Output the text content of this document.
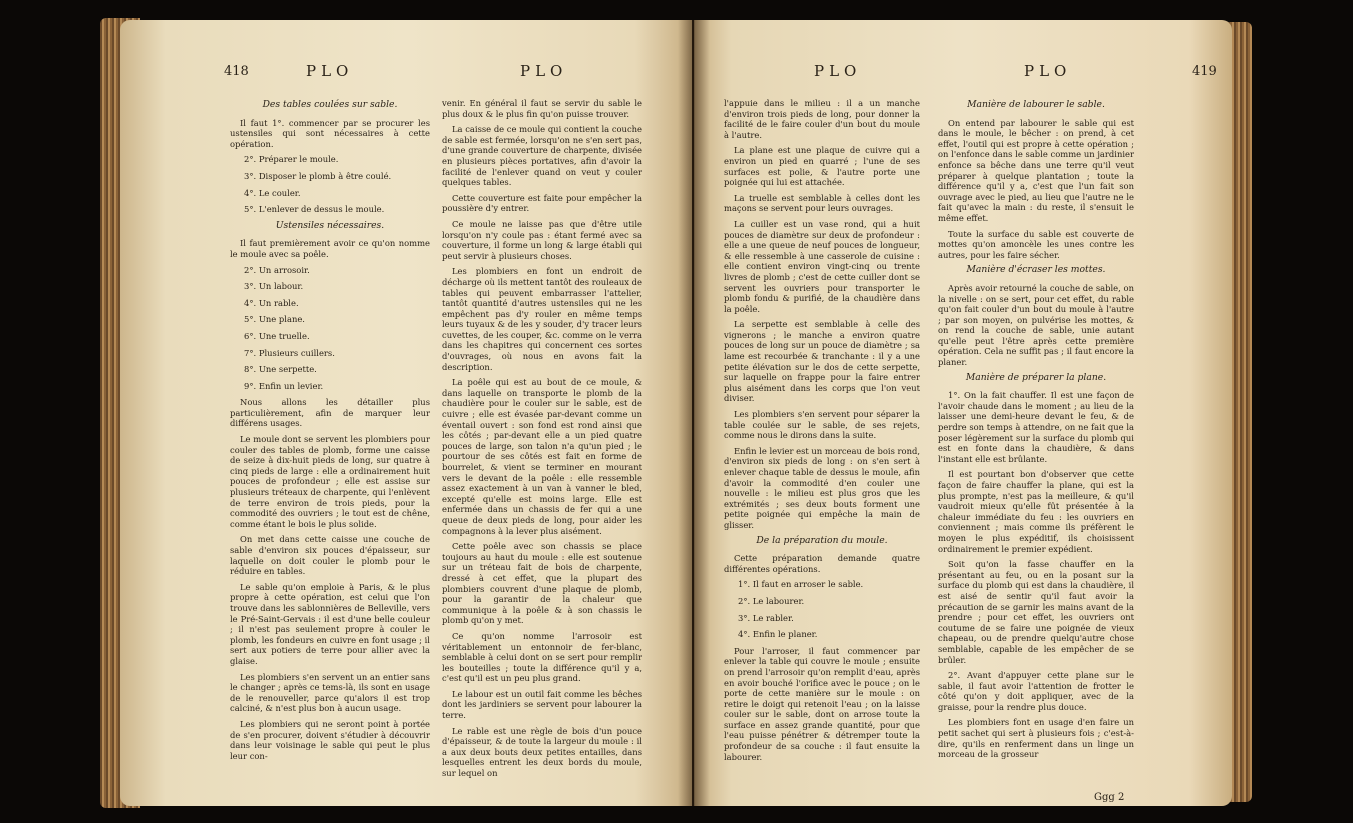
418	PLO	PLO
Des tables coulées sur sable.

Il faut 1°. commencer par se procurer les ustensiles qui sont nécessaires à cette opération.

2°. Préparer le moule.

3°. Disposer le plomb à être coulé.

4°. Le couler.

5°. L'enlever de dessus le moule.

Ustensiles nécessaires.

Il faut premièrement avoir ce qu'on nomme le moule avec sa poêle.

2°. Un arrosoir.

3°. Un labour.

4°. Un rable.

5°. Une plane.

6°. Une truelle.

7°. Plusieurs cuillers.

8°. Une serpette.

9°. Enfin un levier.

Nous allons les détailler plus particulièrement, afin de marquer leur différens usages.

Le moule dont se servent les plombiers pour couler des tables de plomb, forme une caisse de seize à dix-huit pieds de long, sur quatre à cinq pieds de large : elle a ordinairement huit pouces de profondeur ; elle est assise sur plusieurs tréteaux de charpente, qui l'enlèvent de terre environ de trois pieds, pour la commodité des ouvriers ; le tout est de chêne, comme étant le bois le plus solide.

On met dans cette caisse une couche de sable d'environ six pouces d'épaisseur, sur laquelle on doit couler le plomb pour le réduire en tables.

Le sable qu'on emploie à Paris, & le plus propre à cette opération, est celui que l'on trouve dans les sablonnières de Belleville, vers le Pré-Saint-Gervais : il est d'une belle couleur ; il n'est pas seulement propre à couler le plomb, les fondeurs en cuivre en font usage ; il sert aux potiers de terre pour allier avec la glaise.

Les plombiers s'en servent un an entier sans le changer ; après ce tems-là, ils sont en usage de le renouveller, parce qu'alors il est trop calciné, & n'est plus bon à aucun usage.

Les plombiers qui ne seront point à portée de s'en procurer, doivent s'étudier à découvrir dans leur voisinage le sable qui peut le plus leur con-

venir. En général il faut se servir du sable le plus doux & le plus fin qu'on puisse trouver.

La caisse de ce moule qui contient la couche de sable est fermée, lorsqu'on ne s'en sert pas, d'une grande couverture de charpente, divisée en plusieurs pièces portatives, afin d'avoir la facilité de l'enlever quand on veut y couler quelques tables.

Cette couverture est faite pour empêcher la poussière d'y entrer.

Ce moule ne laisse pas que d'être utile lorsqu'on n'y coule pas : étant fermé avec sa couverture, il forme un long & large établi qui peut servir à plusieurs choses.

Les plombiers en font un endroit de décharge où ils mettent tantôt des rouleaux de tables qui peuvent embarrasser l'attelier, tantôt quantité d'autres ustensiles qui ne les empêchent pas d'y rouler en même temps leurs tuyaux & de les y souder, d'y tracer leurs cuvettes, de les couper, &c. comme on le verra dans les chapitres qui concernent ces sortes d'ouvrages, où nous en avons fait la description.

La poêle qui est au bout de ce moule, & dans laquelle on transporte le plomb de la chaudière pour le couler sur le sable, est de cuivre ; elle est évasée par-devant comme un éventail ouvert : son fond est rond ainsi que les côtés ; par-devant elle a un pied quatre pouces de large, son talon n'a qu'un pied ; le pourtour de ses côtés est fait en forme de bourrelet, & vient se terminer en mourant vers le devant de la poêle : elle ressemble assez exactement à un van à vanner le bled, excepté qu'elle est moins large. Elle est enfermée dans un chassis de fer qui a une queue de deux pieds de long, pour aider les compagnons à la lever plus aisément.

Cette poêle avec son chassis se place toujours au haut du moule : elle est soutenue sur un tréteau fait de bois de charpente, dressé à cet effet, que la plupart des plombiers couvrent d'une plaque de plomb, pour la garantir de la chaleur que communique à la poêle & à son chassis le plomb qu'on y met.

Ce qu'on nomme l'arrosoir est véritablement un entonnoir de fer-blanc, semblable à celui dont on se sert pour remplir les bouteilles ; toute la différence qu'il y a, c'est qu'il est un peu plus grand.

Le labour est un outil fait comme les bêches dont les jardiniers se servent pour labourer la terre.

Le rable est une règle de bois d'un pouce d'épaisseur, & de toute la largeur du moule : il a aux deux bouts deux petites entailles, dans lesquelles entrent les deux bords du moule, sur lequel on

PLO	PLO	419

l'appuie dans le milieu : il a un manche d'environ trois pieds de long, pour donner la facilité de le faire couler d'un bout du moule à l'autre.

La plane est une plaque de cuivre qui a environ un pied en quarré ; l'une de ses surfaces est polie, & l'autre porte une poignée qui lui est attachée.

La truelle est semblable à celles dont les maçons se servent pour leurs ouvrages.

La cuiller est un vase rond, qui a huit pouces de diamètre sur deux de profondeur : elle a une queue de neuf pouces de longueur, & elle ressemble à une casserole de cuisine : elle contient environ vingt-cinq ou trente livres de plomb ; c'est de cette cuiller dont se servent les ouvriers pour transporter le plomb fondu & purifié, de la chaudière dans la poêle.

La serpette est semblable à celle des vignerons ; le manche a environ quatre pouces de long sur un pouce de diamètre ; sa lame est recourbée & tranchante : il y a une petite élévation sur le dos de cette serpette, sur laquelle on frappe pour la faire entrer plus aisément dans les corps que l'on veut diviser.

Les plombiers s'en servent pour séparer la table coulée sur le sable, de ses rejets, comme nous le dirons dans la suite.

Enfin le levier est un morceau de bois rond, d'environ six pieds de long : on s'en sert à enlever chaque table de dessus le moule, afin d'avoir la commodité d'en couler une nouvelle : le milieu est plus gros que les extrémités ; ses deux bouts forment une petite poignée qui empêche la main de glisser.

De la préparation du moule.

Cette préparation demande quatre différentes opérations.

1°. Il faut en arroser le sable.

2°. Le labourer.

3°. Le rabler.

4°. Enfin le planer.

Pour l'arroser, il faut commencer par enlever la table qui couvre le moule ; ensuite on prend l'arrosoir qu'on remplit d'eau, après en avoir bouché l'orifice avec le pouce ; on le porte de cette manière sur le moule : on retire le doigt qui retenoit l'eau ; on la laisse couler sur le sable, dont on arrose toute la surface en assez grande quantité, pour que l'eau puisse pénétrer & détremper toute la profondeur de sa couche : il faut ensuite la labourer.

Manière de labourer le sable.

On entend par labourer le sable qui est dans le moule, le bêcher : on prend, à cet effet, l'outil qui est propre à cette opération ; on l'enfonce dans le sable comme un jardinier enfonce sa bêche dans une terre qu'il veut préparer à quelque plantation ; toute la différence qu'il y a, c'est que l'un fait son ouvrage avec le pied, au lieu que l'autre ne le fait qu'avec la main : du reste, il s'ensuit le même effet.

Toute la surface du sable est couverte de mottes qu'on amoncèle les unes contre les autres, pour les faire sécher.

Manière d'écraser les mottes.

Après avoir retourné la couche de sable, on la nivelle : on se sert, pour cet effet, du rable qu'on fait couler d'un bout du moule à l'autre ; par son moyen, on pulvérise les mottes, & on rend la couche de sable, unie autant qu'elle peut l'être après cette première opération. Cela ne suffit pas ; il faut encore la planer.

Manière de préparer la plane.

1°. On la fait chauffer. Il est une façon de l'avoir chaude dans le moment ; au lieu de la laisser une demi-heure devant le feu, & de perdre son temps à attendre, on ne fait que la poser légèrement sur la surface du plomb qui est en fonte dans la chaudière, & dans l'instant elle est brûlante.

Il est pourtant bon d'observer que cette façon de faire chauffer la plane, qui est la plus prompte, n'est pas la meilleure, & qu'il vaudroit mieux qu'elle fût présentée à la chaleur immédiate du feu : les ouvriers en conviennent ; mais comme ils préfèrent le moyen le plus expéditif, ils choisissent ordinairement le premier expédient.

Soit qu'on la fasse chauffer en la présentant au feu, ou en la posant sur la surface du plomb qui est dans la chaudière, il est aisé de sentir qu'il faut avoir la précaution de se garnir les mains avant de la prendre ; pour cet effet, les ouvriers ont coutume de se faire une poignée de vieux chapeau, ou de prendre quelqu'autre chose semblable, capable de les empêcher de se brûler.

2°. Avant d'appuyer cette plane sur le sable, il faut avoir l'attention de frotter le côté qu'on y doit appliquer, avec de la graisse, pour la rendre plus douce.

Les plombiers font en usage d'en faire un petit sachet qui sert à plusieurs fois ; c'est-à-dire, qu'ils en renferment dans un linge un morceau de la grosseur

Ggg 2
